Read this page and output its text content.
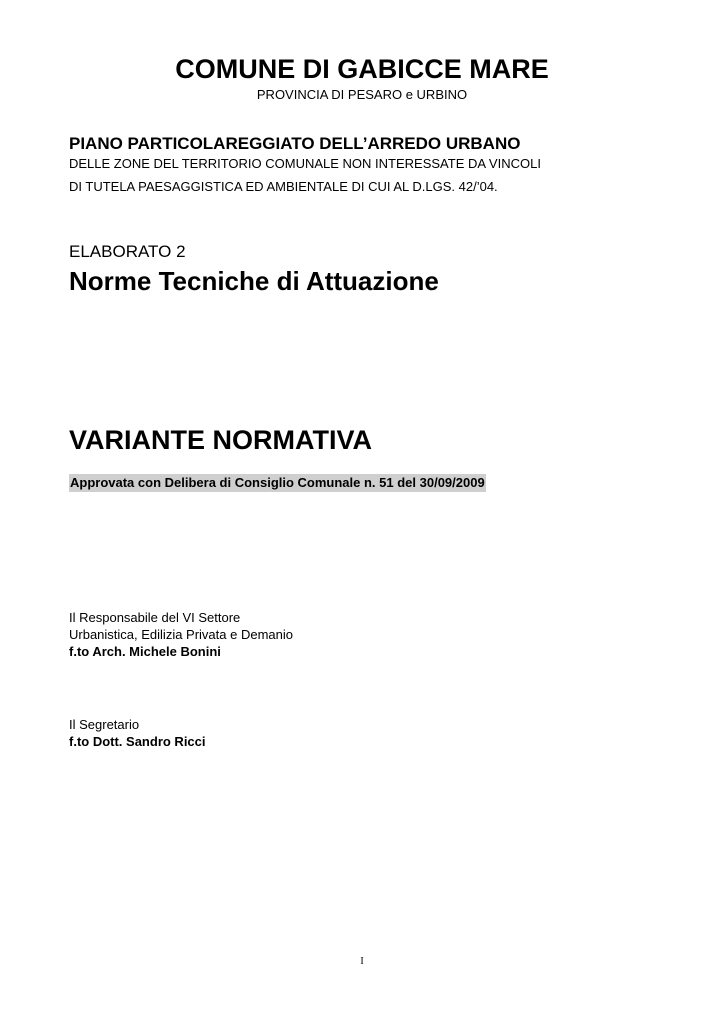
COMUNE DI GABICCE MARE
PROVINCIA DI PESARO e URBINO
PIANO PARTICOLAREGGIATO DELL’ARREDO URBANO
DELLE ZONE DEL TERRITORIO COMUNALE NON INTERESSATE DA VINCOLI
DI TUTELA PAESAGGISTICA ED AMBIENTALE DI CUI AL D.LGS. 42/’04.
ELABORATO 2
Norme Tecniche di Attuazione
VARIANTE NORMATIVA
Approvata con Delibera di Consiglio Comunale n. 51 del 30/09/2009
Il Responsabile del VI Settore
Urbanistica, Edilizia Privata e Demanio
f.to Arch. Michele Bonini
Il Segretario
f.to Dott. Sandro Ricci
I
